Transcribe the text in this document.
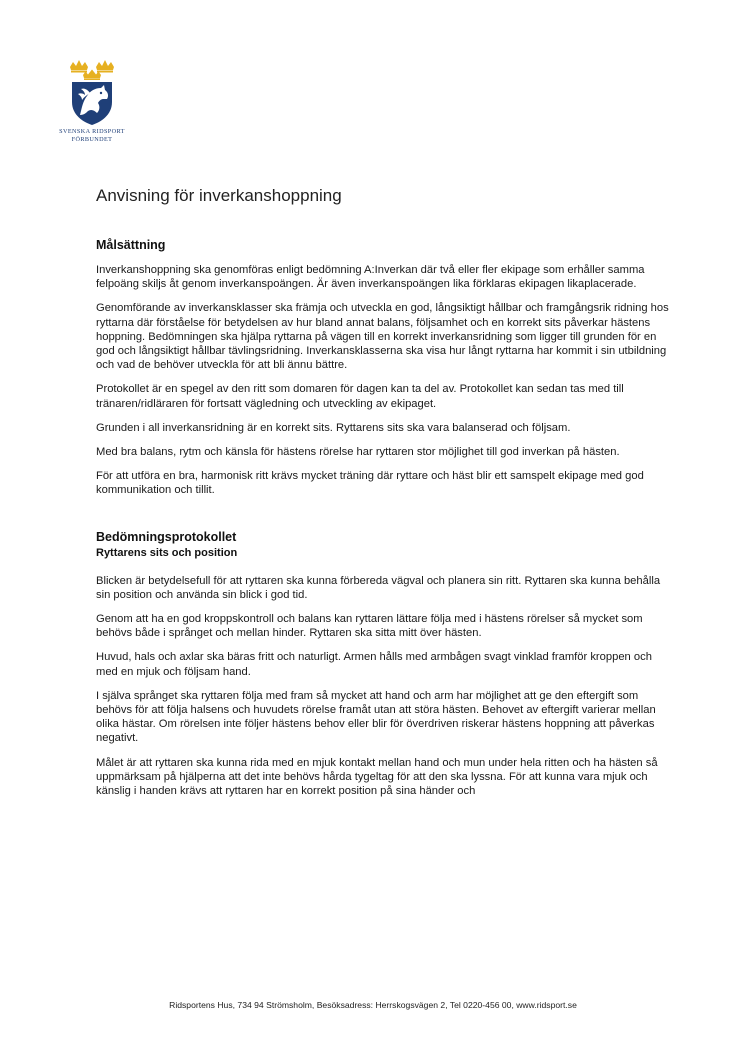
SVENSKA RIDSPORT
FÖRBUNDET
Anvisning för inverkanshoppning
Målsättning

Inverkanshoppning ska genomföras enligt bedömning A:Inverkan där två eller fler ekipage som erhåller samma felpoäng skiljs åt genom inverkanspoängen. Är även inverkanspoängen lika förklaras ekipagen likaplacerade.

Genomförande av inverkansklasser ska främja och utveckla en god, långsiktigt hållbar och framgångsrik ridning hos ryttarna där förståelse för betydelsen av hur bland annat balans, följsamhet och en korrekt sits påverkar hästens hoppning. Bedömningen ska hjälpa ryttarna på vägen till en korrekt inverkansridning som ligger till grunden för en god och långsiktigt hållbar tävlingsridning. Inverkansklasserna ska visa hur långt ryttarna har kommit i sin utbildning och vad de behöver utveckla för att bli ännu bättre.

Protokollet är en spegel av den ritt som domaren för dagen kan ta del av. Protokollet kan sedan tas med till tränaren/ridläraren för fortsatt vägledning och utveckling av ekipaget.

Grunden i all inverkansridning är en korrekt sits. Ryttarens sits ska vara balanserad och följsam.

Med bra balans, rytm och känsla för hästens rörelse har ryttaren stor möjlighet till god inverkan på hästen.

För att utföra en bra, harmonisk ritt krävs mycket träning där ryttare och häst blir ett samspelt ekipage med god kommunikation och tillit.

Bedömningsprotokollet
Ryttarens sits och position

Blicken är betydelsefull för att ryttaren ska kunna förbereda vägval och planera sin ritt. Ryttaren ska kunna behålla sin position och använda sin blick i god tid.

Genom att ha en god kroppskontroll och balans kan ryttaren lättare följa med i hästens rörelser så mycket som behövs både i språnget och mellan hinder. Ryttaren ska sitta mitt över hästen.

Huvud, hals och axlar ska bäras fritt och naturligt. Armen hålls med armbågen svagt vinklad framför kroppen och med en mjuk och följsam hand.

I själva språnget ska ryttaren följa med fram så mycket att hand och arm har möjlighet att ge den eftergift som behövs för att följa halsens och huvudets rörelse framåt utan att störa hästen. Behovet av eftergift varierar mellan olika hästar. Om rörelsen inte följer hästens behov eller blir för överdriven riskerar hästens hoppning att påverkas negativt.

Målet är att ryttaren ska kunna rida med en mjuk kontakt mellan hand och mun under hela ritten och ha hästen så uppmärksam på hjälperna att det inte behövs hårda tygeltag för att den ska lyssna. För att kunna vara mjuk och känslig i handen krävs att ryttaren har en korrekt position på sina händer och

Ridsportens Hus, 734 94 Strömsholm, Besöksadress: Herrskogsvägen 2, Tel 0220-456 00, www.ridsport.se
